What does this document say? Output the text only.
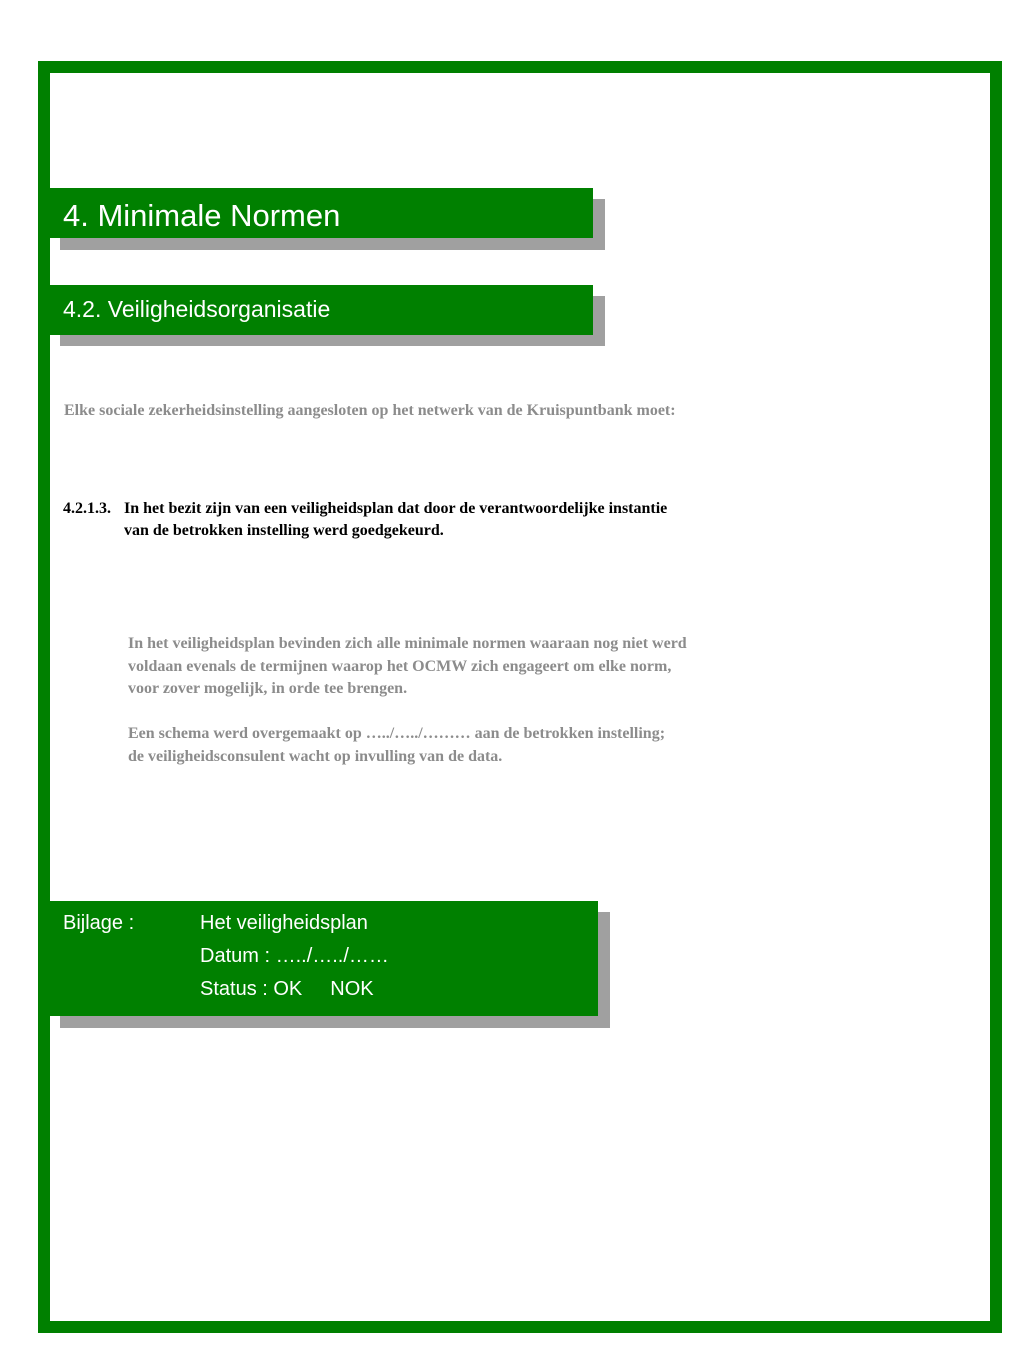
4. Minimale Normen
4.2. Veiligheidsorganisatie
Elke sociale zekerheidsinstelling aangesloten op het netwerk van de Kruispuntbank moet:
4.2.1.3. In het bezit zijn van een veiligheidsplan dat door de verantwoordelijke instantie
van de betrokken instelling werd goedgekeurd.
In het veiligheidsplan bevinden zich alle minimale normen waaraan nog niet werd
voldaan evenals de termijnen waarop het OCMW zich engageert om elke norm,
voor zover mogelijk, in orde tee brengen.
Een schema werd overgemaakt op …../…../……… aan de betrokken instelling;
de veiligheidsconsulent wacht op invulling van de data.
Bijlage :	Het veiligheidsplan
Datum : …../…../……
Status : OK NOK
